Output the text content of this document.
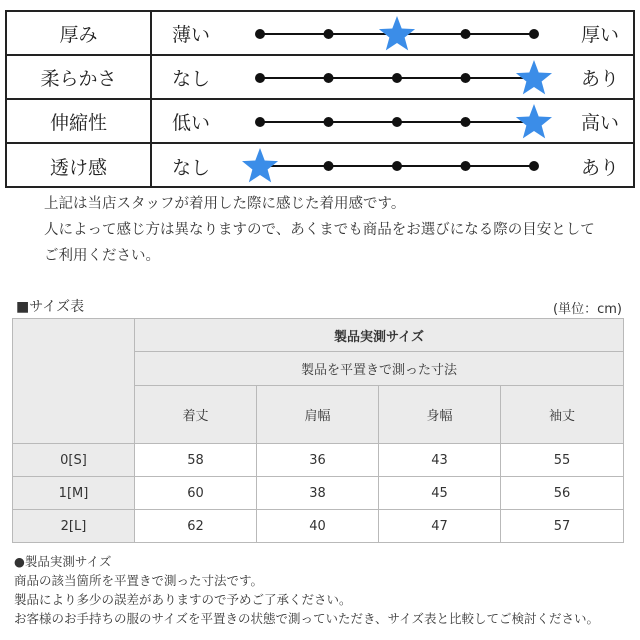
厚み	薄い	厚い
柔らかさ	なし	あり
伸縮性	低い	高い
透け感	なし	あり
上記は当店スタッフが着用した際に感じた着用感です。
人によって感じ方は異なりますので、あくまでも商品をお選びになる際の目安として
ご利用ください。
■サイズ表	(単位：cm)
	製品実測サイズ			
	製品を平置きで測った寸法			
	着丈	肩幅	身幅	袖丈
0[S]	58	36	43	55
1[M]	60	38	45	56
2[L]	62	40	47	57
●製品実測サイズ
商品の該当箇所を平置きで測った寸法です。
製品により多少の誤差がありますので予めご了承ください。
お客様のお手持ちの服のサイズを平置きの状態で測っていただき、サイズ表と比較してご検討ください。
